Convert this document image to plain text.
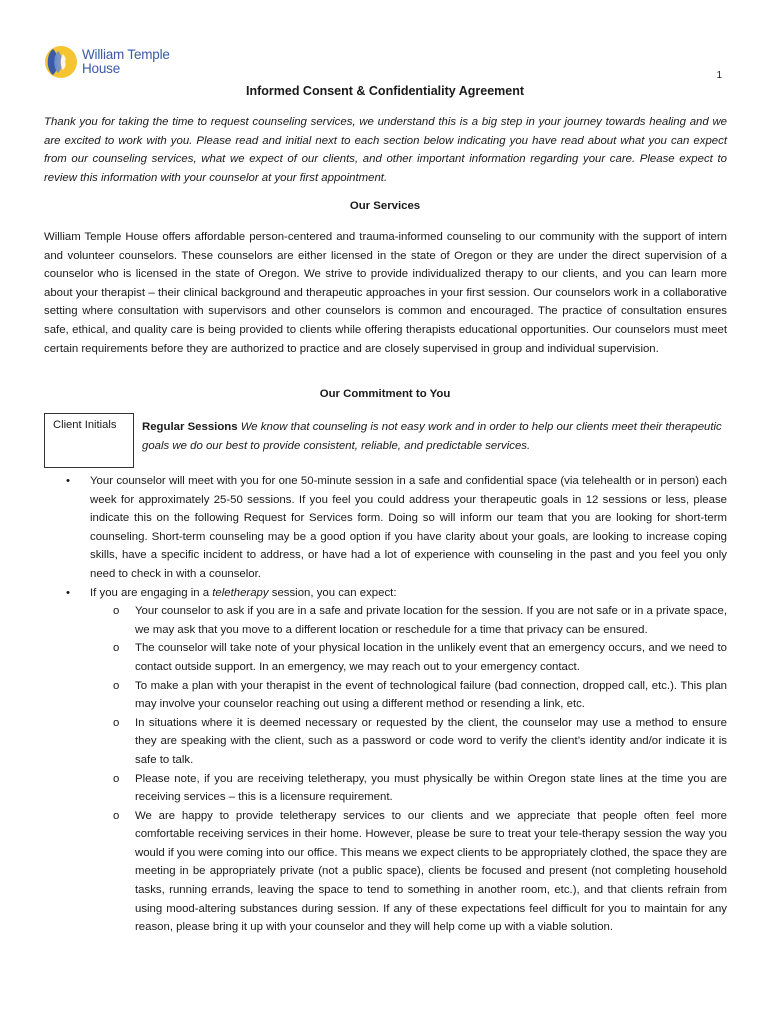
William Temple
House	1
Informed Consent & Confidentiality Agreement
Thank you for taking the time to request counseling services, we understand this is a big step in your journey towards healing and we are excited to work with you. Please read and initial next to each section below indicating you have read about what you can expect from our counseling services, what we expect of our clients, and other important information regarding your care. Please expect to review this information with your counselor at your first appointment.
Our Services
William Temple House offers affordable person-centered and trauma-informed counseling to our community with the support of intern and volunteer counselors. These counselors are either licensed in the state of Oregon or they are under the direct supervision of a counselor who is licensed in the state of Oregon. We strive to provide individualized therapy to our clients, and you can learn more about your therapist – their clinical background and therapeutic approaches in your first session. Our counselors work in a collaborative setting where consultation with supervisors and other counselors is common and encouraged. The practice of consultation ensures safe, ethical, and quality care is being provided to clients while offering therapists educational opportunities. Our counselors must meet certain requirements before they are authorized to practice and are closely supervised in group and individual supervision.
Our Commitment to You
Client Initials	Regular Sessions We know that counseling is not easy work and in order to help our clients meet their therapeutic goals we do our best to provide consistent, reliable, and predictable services.
• Your counselor will meet with you for one 50-minute session in a safe and confidential space (via telehealth or in person) each week for approximately 25-50 sessions. If you feel you could address your therapeutic goals in 12 sessions or less, please indicate this on the following Request for Services form. Doing so will inform our team that you are looking for short-term counseling. Short-term counseling may be a good option if you have clarity about your goals, are looking to increase coping skills, have a specific incident to address, or have had a lot of experience with counseling in the past and you feel you only need to check in with a counselor.
• If you are engaging in a teletherapy session, you can expect:
o Your counselor to ask if you are in a safe and private location for the session. If you are not safe or in a private space, we may ask that you move to a different location or reschedule for a time that privacy can be ensured.
o The counselor will take note of your physical location in the unlikely event that an emergency occurs, and we need to contact outside support. In an emergency, we may reach out to your emergency contact.
o To make a plan with your therapist in the event of technological failure (bad connection, dropped call, etc.). This plan may involve your counselor reaching out using a different method or resending a link, etc.
o In situations where it is deemed necessary or requested by the client, the counselor may use a method to ensure they are speaking with the client, such as a password or code word to verify the client’s identity and/or indicate it is safe to talk.
o Please note, if you are receiving teletherapy, you must physically be within Oregon state lines at the time you are receiving services – this is a licensure requirement.
o We are happy to provide teletherapy services to our clients and we appreciate that people often feel more comfortable receiving services in their home. However, please be sure to treat your tele-therapy session the way you would if you were coming into our office. This means we expect clients to be appropriately clothed, the space they are meeting in be appropriately private (not a public space), clients be focused and present (not completing household tasks, running errands, leaving the space to tend to something in another room, etc.), and that clients refrain from using mood-altering substances during session. If any of these expectations feel difficult for you to maintain for any reason, please bring it up with your counselor and they will help come up with a viable solution.
